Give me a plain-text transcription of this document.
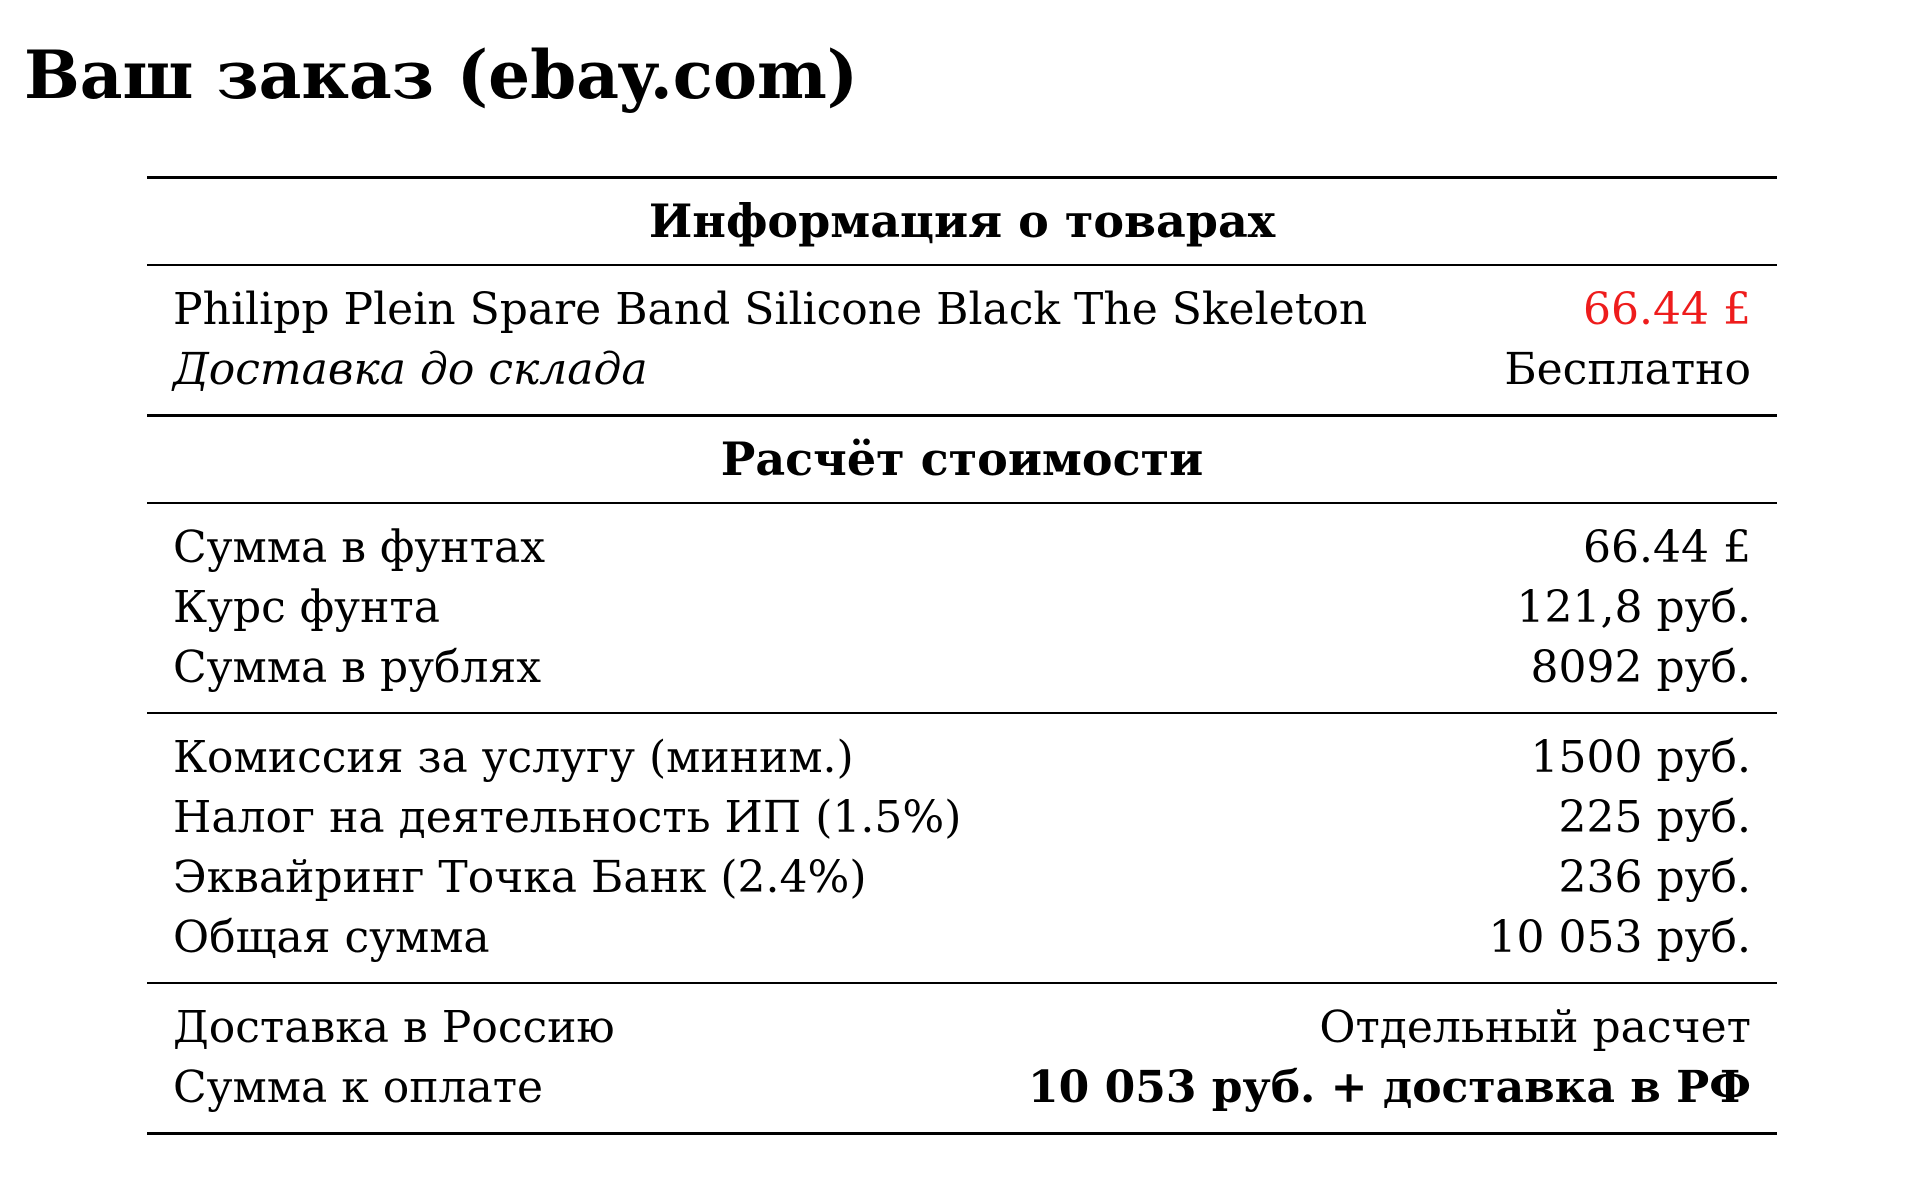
Ваш заказ (ebay.com)
Информация о товарах
Philipp Plein Spare Band Silicone Black The Skeleton	66.44 £
Доставка до склада	Бесплатно
Расчёт стоимости
Сумма в фунтах	66.44 £
Курс фунта	121,8 руб.
Сумма в рублях	8092 руб.
Комиссия за услугу (миним.)	1500 руб.
Налог на деятельность ИП (1.5%)	225 руб.
Эквайринг Точка Банк (2.4%)	236 руб.
Общая сумма	10 053 руб.
Доставка в Россию	Отдельный расчет
Сумма к оплате	10 053 руб. + доставка в РФ
